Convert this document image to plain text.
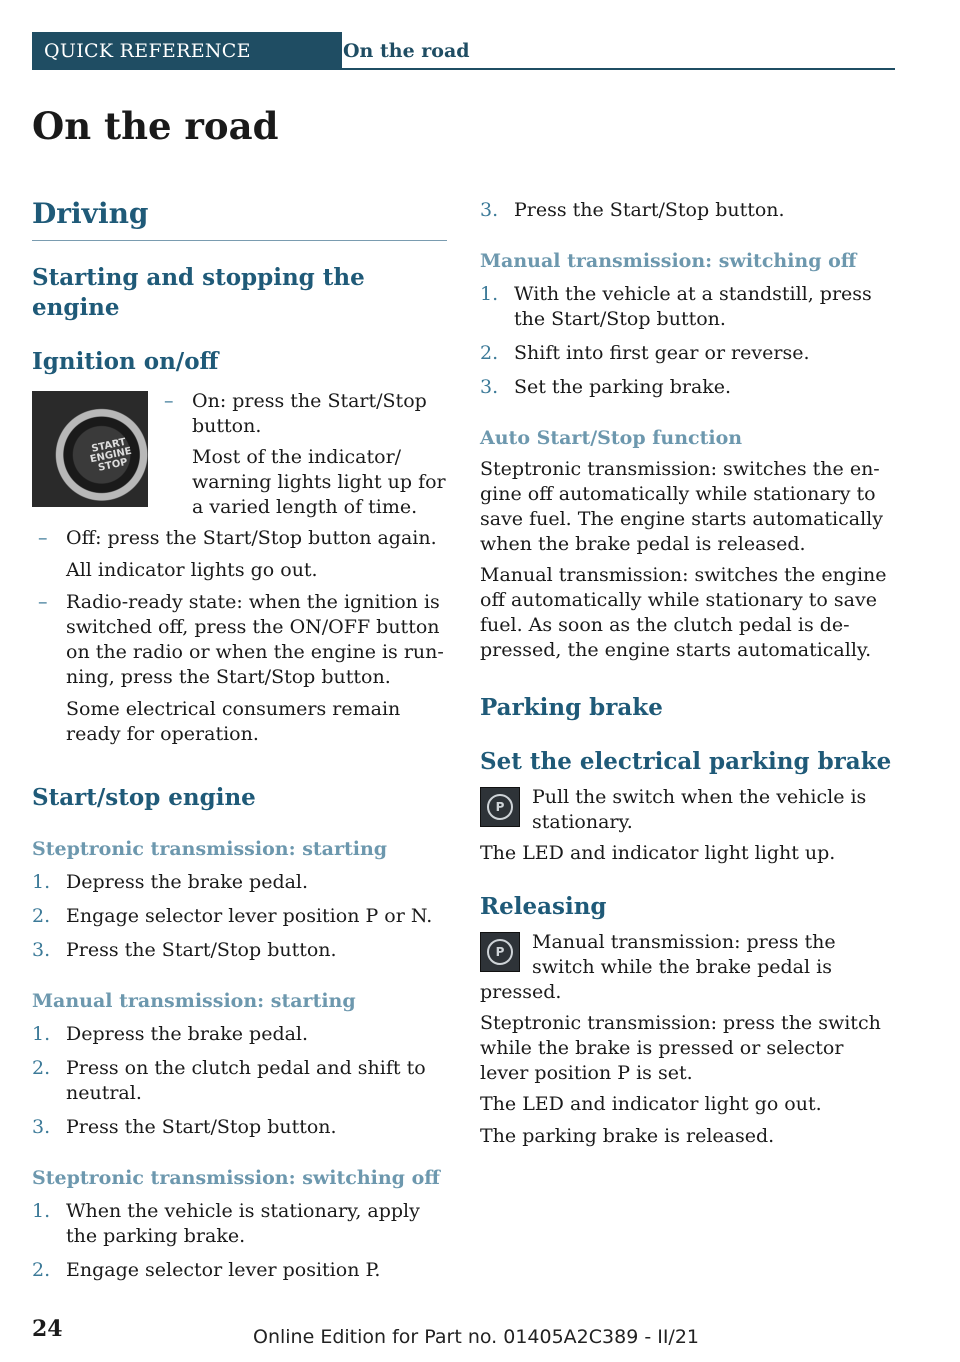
QUICK REFERENCE	On the road
On the road
Driving
Starting and stopping the engine
Ignition on/off
START ENGINE STOP
– On: press the Start/Stop button.

Most of the indicator/ warning lights light up for a varied length of time.

– Off: press the Start/Stop button again.

All indicator lights go out.

– Radio-ready state: when the ignition is switched off, press the ON/OFF button on the radio or when the engine is run‐ ning, press the Start/Stop button.

Some electrical consumers remain ready for operation.

Start/stop engine
Steptronic transmission: starting
1. Depress the brake pedal.
2. Engage selector lever position P or N.
3. Press the Start/Stop button.
Manual transmission: starting
1. Depress the brake pedal.
2. Press on the clutch pedal and shift to neutral.
3. Press the Start/Stop button.
Steptronic transmission: switching off
1. When the vehicle is stationary, apply the parking brake.
2. Engage selector lever position P.
3. Press the Start/Stop button.
Manual transmission: switching off
1. With the vehicle at a standstill, press the Start/Stop button.
2. Shift into first gear or reverse.
3. Set the parking brake.
Auto Start/Stop function

Steptronic transmission: switches the en‐ gine off automatically while stationary to save fuel. The engine starts automatically when the brake pedal is released.

Manual transmission: switches the engine off automatically while stationary to save fuel. As soon as the clutch pedal is de‐ pressed, the engine starts automatically.

Parking brake
Set the electrical parking brake
P	Pull the switch when the vehicle is stationary.

The LED and indicator light light up.

Releasing
P	Manual transmission: press the switch while the brake pedal is pressed.

Steptronic transmission: press the switch while the brake is pressed or selector lever position P is set.

The LED and indicator light go out.

The parking brake is released.

24	Online Edition for Part no. 01405A2C389 - II/21
